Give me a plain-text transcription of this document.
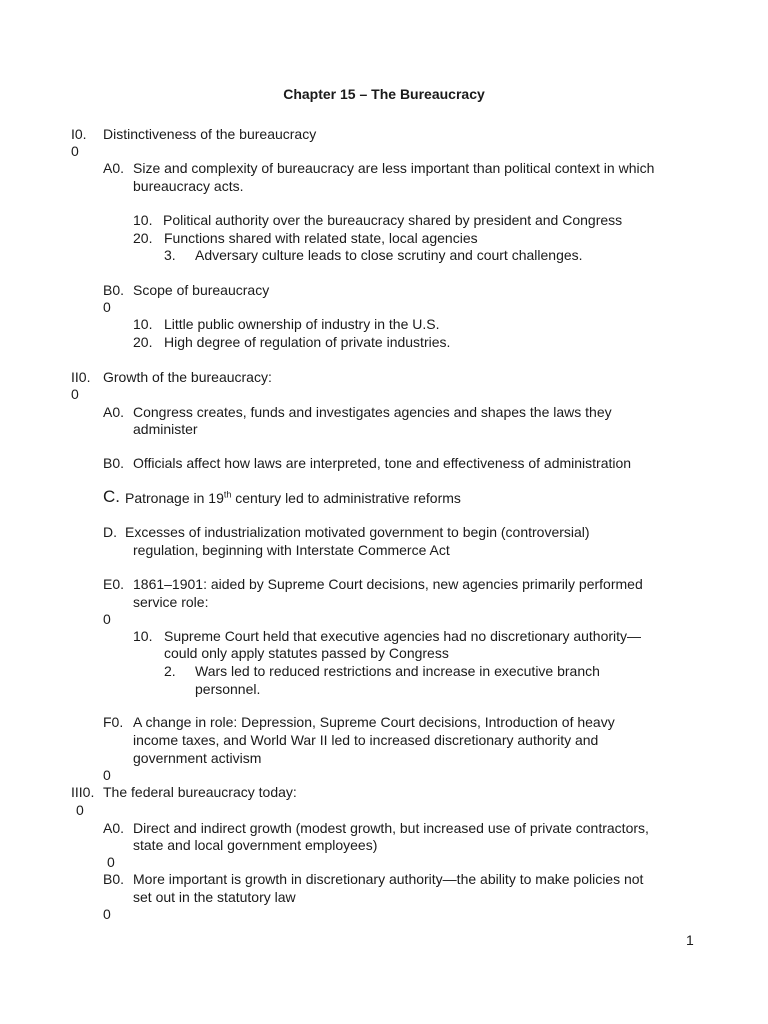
Chapter 15 – The Bureaucracy
I0. Distinctiveness of the bureaucracy
0
A0. Size and complexity of bureaucracy are less important than political context in which
bureaucracy acts.
10. Political authority over the bureaucracy shared by president and Congress
20. Functions shared with related state, local agencies
3. Adversary culture leads to close scrutiny and court challenges.
B0. Scope of bureaucracy
0
10. Little public ownership of industry in the U.S.
20. High degree of regulation of private industries.
II0. Growth of the bureaucracy:
0
A0. Congress creates, funds and investigates agencies and shapes the laws they
administer
B0. Officials affect how laws are interpreted, tone and effectiveness of administration
C. Patronage in 19th century led to administrative reforms
D. Excesses of industrialization motivated government to begin (controversial)
regulation, beginning with Interstate Commerce Act
E0. 1861–1901: aided by Supreme Court decisions, new agencies primarily performed
service role:
0
10. Supreme Court held that executive agencies had no discretionary authority—
could only apply statutes passed by Congress
2. Wars led to reduced restrictions and increase in executive branch
personnel.
F0. A change in role: Depression, Supreme Court decisions, Introduction of heavy
income taxes, and World War II led to increased discretionary authority and
government activism
0
III0. The federal bureaucracy today:
0
A0. Direct and indirect growth (modest growth, but increased use of private contractors,
state and local government employees)
0
B0. More important is growth in discretionary authority—the ability to make policies not
set out in the statutory law
0
1
